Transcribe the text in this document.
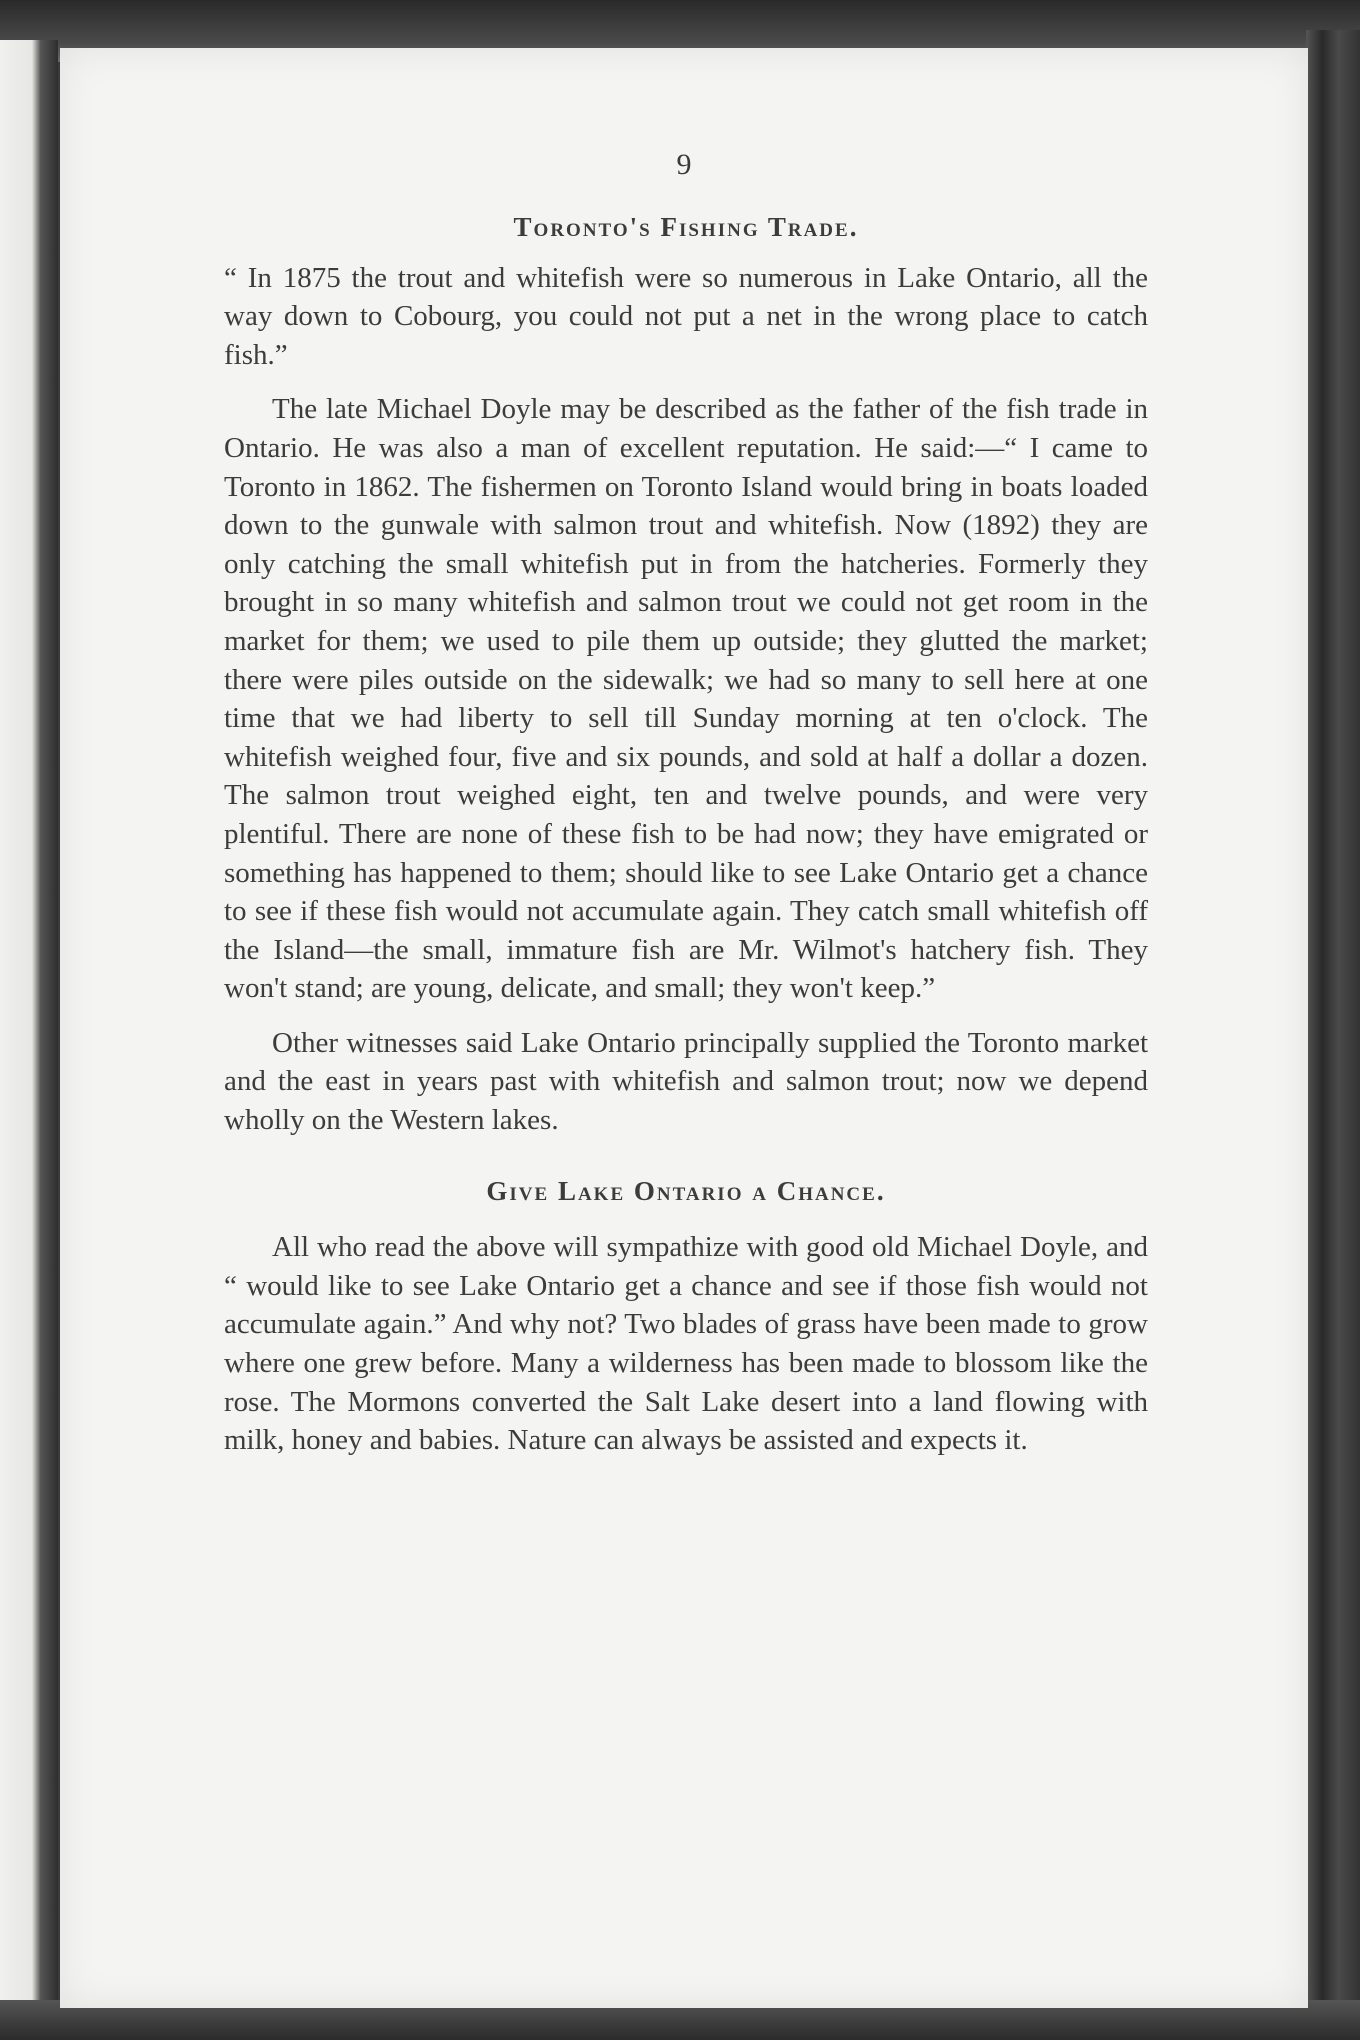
9
Toronto's Fishing Trade.

“ In 1875 the trout and whitefish were so numerous in Lake Ontario, all the way down to Cobourg, you could not put a net in the wrong place to catch fish.”

The late Michael Doyle may be described as the father of the fish trade in Ontario. He was also a man of excellent reputation. He said:—“ I came to Toronto in 1862. The fishermen on Toronto Island would bring in boats loaded down to the gunwale with salmon trout and whitefish. Now (1892) they are only catching the small whitefish put in from the hatcheries. Formerly they brought in so many whitefish and salmon trout we could not get room in the market for them; we used to pile them up outside; they glutted the market; there were piles outside on the sidewalk; we had so many to sell here at one time that we had liberty to sell till Sunday morning at ten o'clock. The whitefish weighed four, five and six pounds, and sold at half a dollar a dozen. The salmon trout weighed eight, ten and twelve pounds, and were very plentiful. There are none of these fish to be had now; they have emigrated or something has happened to them; should like to see Lake Ontario get a chance to see if these fish would not accumulate again. They catch small whitefish off the Island—the small, immature fish are Mr. Wilmot's hatchery fish. They won't stand; are young, delicate, and small; they won't keep.”

Other witnesses said Lake Ontario principally supplied the Toronto market and the east in years past with whitefish and salmon trout; now we depend wholly on the Western lakes.

Give Lake Ontario a Chance.

All who read the above will sympathize with good old Michael Doyle, and “ would like to see Lake Ontario get a chance and see if those fish would not accumulate again.” And why not? Two blades of grass have been made to grow where one grew before. Many a wilderness has been made to blossom like the rose. The Mormons converted the Salt Lake desert into a land flowing with milk, honey and babies. Nature can always be assisted and expects it.
